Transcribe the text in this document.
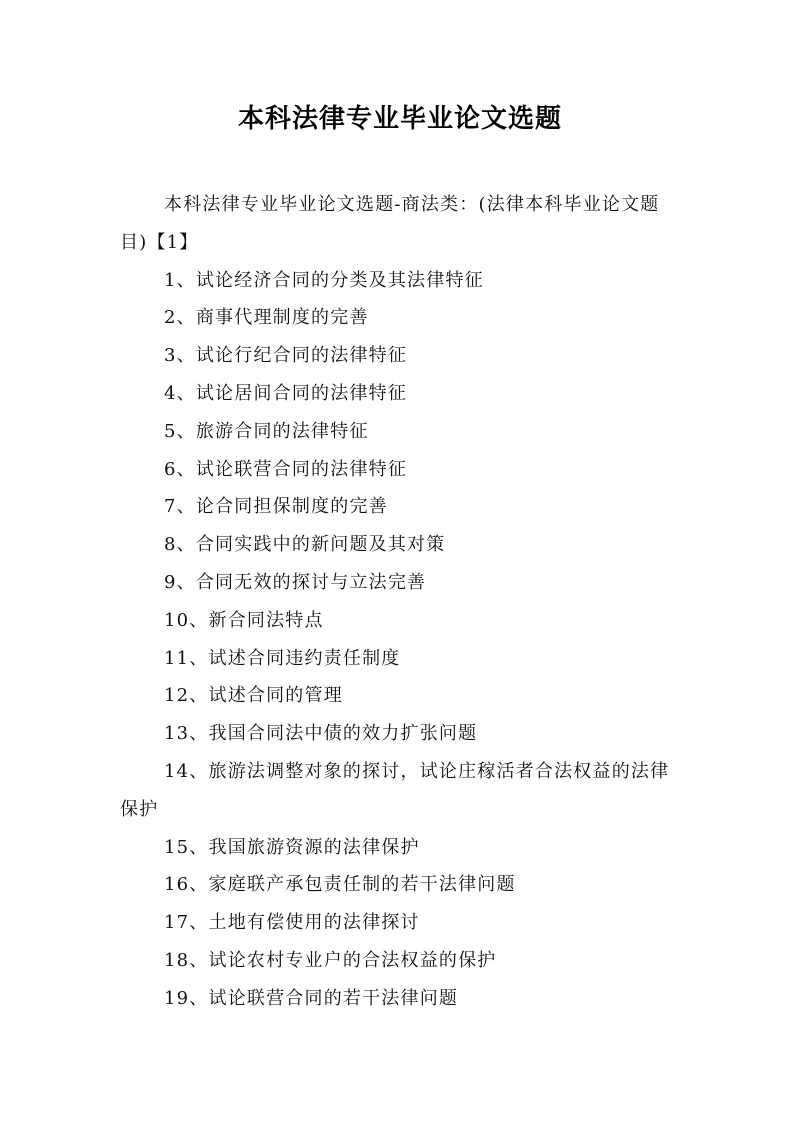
本科法律专业毕业论文选题

本科法律专业毕业论文选题-商法类：(法律本科毕业论文题目)【1】

1、试论经济合同的分类及其法律特征

2、商事代理制度的完善

3、试论行纪合同的法律特征

4、试论居间合同的法律特征

5、旅游合同的法律特征

6、试论联营合同的法律特征

7、论合同担保制度的完善

8、合同实践中的新问题及其对策

9、合同无效的探讨与立法完善

10、新合同法特点

11、试述合同违约责任制度

12、试述合同的管理

13、我国合同法中债的效力扩张问题

14、旅游法调整对象的探讨，试论庄稼活者合法权益的法律保护

15、我国旅游资源的法律保护

16、家庭联产承包责任制的若干法律问题

17、土地有偿使用的法律探讨

18、试论农村专业户的合法权益的保护

19、试论联营合同的若干法律问题
